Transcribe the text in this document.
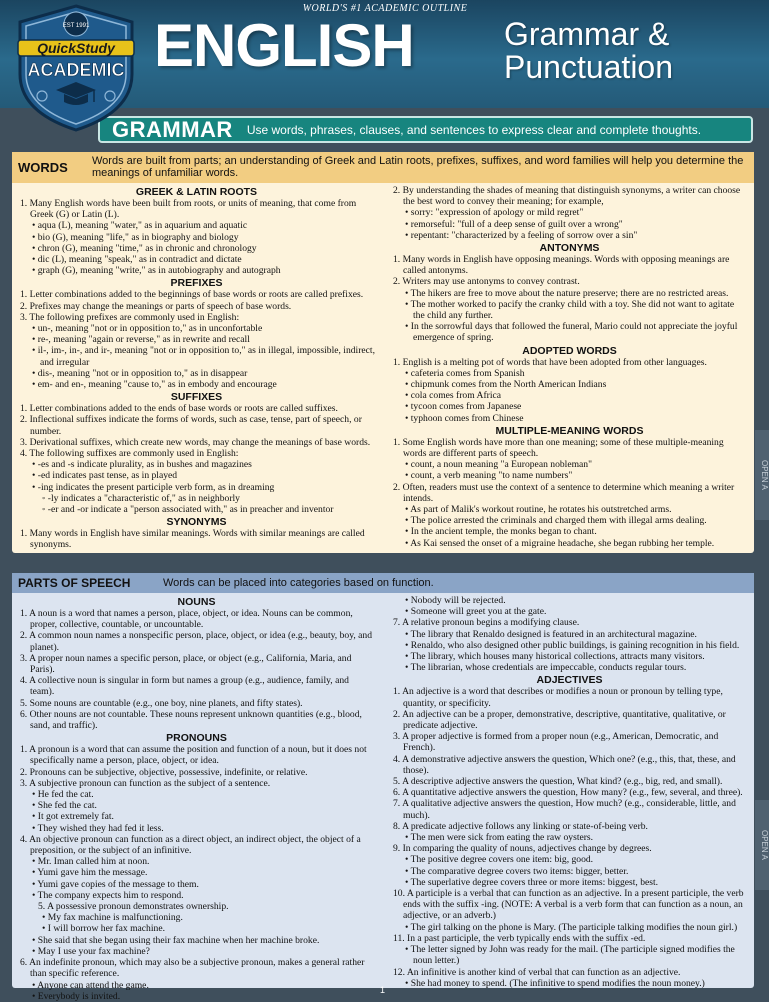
WORLD'S #1 ACADEMIC OUTLINE
ENGLISH	Grammar &
Punctuation
EST 1991
QuickStudy
ACADEMIC
GRAMMAR	Use words, phrases, clauses, and sentences to express clear and complete thoughts.
WORDS	Words are built from parts; an understanding of Greek and Latin roots, prefixes, suffixes, and word families will help you determine the meanings of unfamiliar words.
GREEK & LATIN ROOTS
1. Many English words have been built from roots, or units of meaning, that come from Greek (G) or Latin (L).
• aqua (L), meaning "water," as in aquarium and aquatic
• bio (G), meaning "life," as in biography and biology
• chron (G), meaning "time," as in chronic and chronology
• dic (L), meaning "speak," as in contradict and dictate
• graph (G), meaning "write," as in autobiography and autograph
PREFIXES
1. Letter combinations added to the beginnings of base words or roots are called prefixes.
2. Prefixes may change the meanings or parts of speech of base words.
3. The following prefixes are commonly used in English:
• un-, meaning "not or in opposition to," as in unconfortable
• re-, meaning "again or reverse," as in rewrite and recall
• il-, im-, in-, and ir-, meaning "not or in opposition to," as in illegal, impossible, indirect, and irregular
• dis-, meaning "not or in opposition to," as in disappear
• em- and en-, meaning "cause to," as in embody and encourage
SUFFIXES
1. Letter combinations added to the ends of base words or roots are called suffixes.
2. Inflectional suffixes indicate the forms of words, such as case, tense, part of speech, or number.
3. Derivational suffixes, which create new words, may change the meanings of base words.
4. The following suffixes are commonly used in English:
• -es and -s indicate plurality, as in bushes and magazines
• -ed indicates past tense, as in played
• -ing indicates the present participle verb form, as in dreaming
◦ -ly indicates a "characteristic of," as in neighborly
◦ -er and -or indicate a "person associated with," as in preacher and inventor
SYNONYMS
1. Many words in English have similar meanings. Words with similar meanings are called synonyms.
2. By understanding the shades of meaning that distinguish synonyms, a writer can choose the best word to convey their meaning; for example,
• sorry: "expression of apology or mild regret"
• remorseful: "full of a deep sense of guilt over a wrong"
• repentant: "characterized by a feeling of sorrow over a sin"
ANTONYMS
1. Many words in English have opposing meanings. Words with opposing meanings are called antonyms.
2. Writers may use antonyms to convey contrast.
• The hikers are free to move about the nature preserve; there are no restricted areas.
• The mother worked to pacify the cranky child with a toy. She did not want to agitate the child any further.
• In the sorrowful days that followed the funeral, Mario could not appreciate the joyful emergence of spring.
ADOPTED WORDS
1. English is a melting pot of words that have been adopted from other languages.
• cafeteria comes from Spanish
• chipmunk comes from the North American Indians
• cola comes from Africa
• tycoon comes from Japanese
• typhoon comes from Chinese
MULTIPLE-MEANING WORDS
1. Some English words have more than one meaning; some of these multiple-meaning words are different parts of speech.
• count, a noun meaning "a European nobleman"
• count, a verb meaning "to name numbers"
2. Often, readers must use the context of a sentence to determine which meaning a writer intends.
• As part of Malik's workout routine, he rotates his outstretched arms.
• The police arrested the criminals and charged them with illegal arms dealing.
• In the ancient temple, the monks began to chant.
• As Kai sensed the onset of a migraine headache, she began rubbing her temple.
PARTS OF SPEECH	Words can be placed into categories based on function.
NOUNS
1. A noun is a word that names a person, place, object, or idea. Nouns can be common, proper, collective, countable, or uncountable.
2. A common noun names a nonspecific person, place, object, or idea (e.g., beauty, boy, and planet).
3. A proper noun names a specific person, place, or object (e.g., California, Maria, and Paris).
4. A collective noun is singular in form but names a group (e.g., audience, family, and team).
5. Some nouns are countable (e.g., one boy, nine planets, and fifty states).
6. Other nouns are not countable. These nouns represent unknown quantities (e.g., blood, sand, and traffic).
PRONOUNS
1. A pronoun is a word that can assume the position and function of a noun, but it does not specifically name a person, place, object, or idea.
2. Pronouns can be subjective, objective, possessive, indefinite, or relative.
3. A subjective pronoun can function as the subject of a sentence.
• He fed the cat.
• She fed the cat.
• It got extremely fat.
• They wished they had fed it less.
4. An objective pronoun can function as a direct object, an indirect object, the object of a preposition, or the subject of an infinitive.
• Mr. Iman called him at noon.
• Yumi gave him the message.
• Yumi gave copies of the message to them.
• The company expects him to respond.
5. A possessive pronoun demonstrates ownership.
• My fax machine is malfunctioning.
• I will borrow her fax machine.
• She said that she began using their fax machine when her machine broke.
• May I use your fax machine?
6. An indefinite pronoun, which may also be a subjective pronoun, makes a general rather than specific reference.
• Anyone can attend the game.
• Everybody is invited.
• Nobody will be rejected.
• Someone will greet you at the gate.
7. A relative pronoun begins a modifying clause.
• The library that Renaldo designed is featured in an architectural magazine.
• Renaldo, who also designed other public buildings, is gaining recognition in his field.
• The library, which houses many historical collections, attracts many visitors.
• The librarian, whose credentials are impeccable, conducts regular tours.
ADJECTIVES
1. An adjective is a word that describes or modifies a noun or pronoun by telling type, quantity, or specificity.
2. An adjective can be a proper, demonstrative, descriptive, quantitative, qualitative, or predicate adjective.
3. A proper adjective is formed from a proper noun (e.g., American, Democratic, and French).
4. A demonstrative adjective answers the question, Which one? (e.g., this, that, these, and those).
5. A descriptive adjective answers the question, What kind? (e.g., big, red, and small).
6. A quantitative adjective answers the question, How many? (e.g., few, several, and three).
7. A qualitative adjective answers the question, How much? (e.g., considerable, little, and much).
8. A predicate adjective follows any linking or state-of-being verb.
• The men were sick from eating the raw oysters.
9. In comparing the quality of nouns, adjectives change by degrees.
• The positive degree covers one item: big, good.
• The comparative degree covers two items: bigger, better.
• The superlative degree covers three or more items: biggest, best.
10. A participle is a verbal that can function as an adjective. In a present participle, the verb ends with the suffix -ing. (NOTE: A verbal is a verb form that can function as a noun, an adjective, or an adverb.)
• The girl talking on the phone is Mary. (The participle talking modifies the noun girl.)
11. In a past participle, the verb typically ends with the suffix -ed.
• The letter signed by John was ready for the mail. (The participle signed modifies the noun letter.)
12. An infinitive is another kind of verbal that can function as an adjective.
• She had money to spend. (The infinitive to spend modifies the noun money.)
OPEN A
OPEN A
1
